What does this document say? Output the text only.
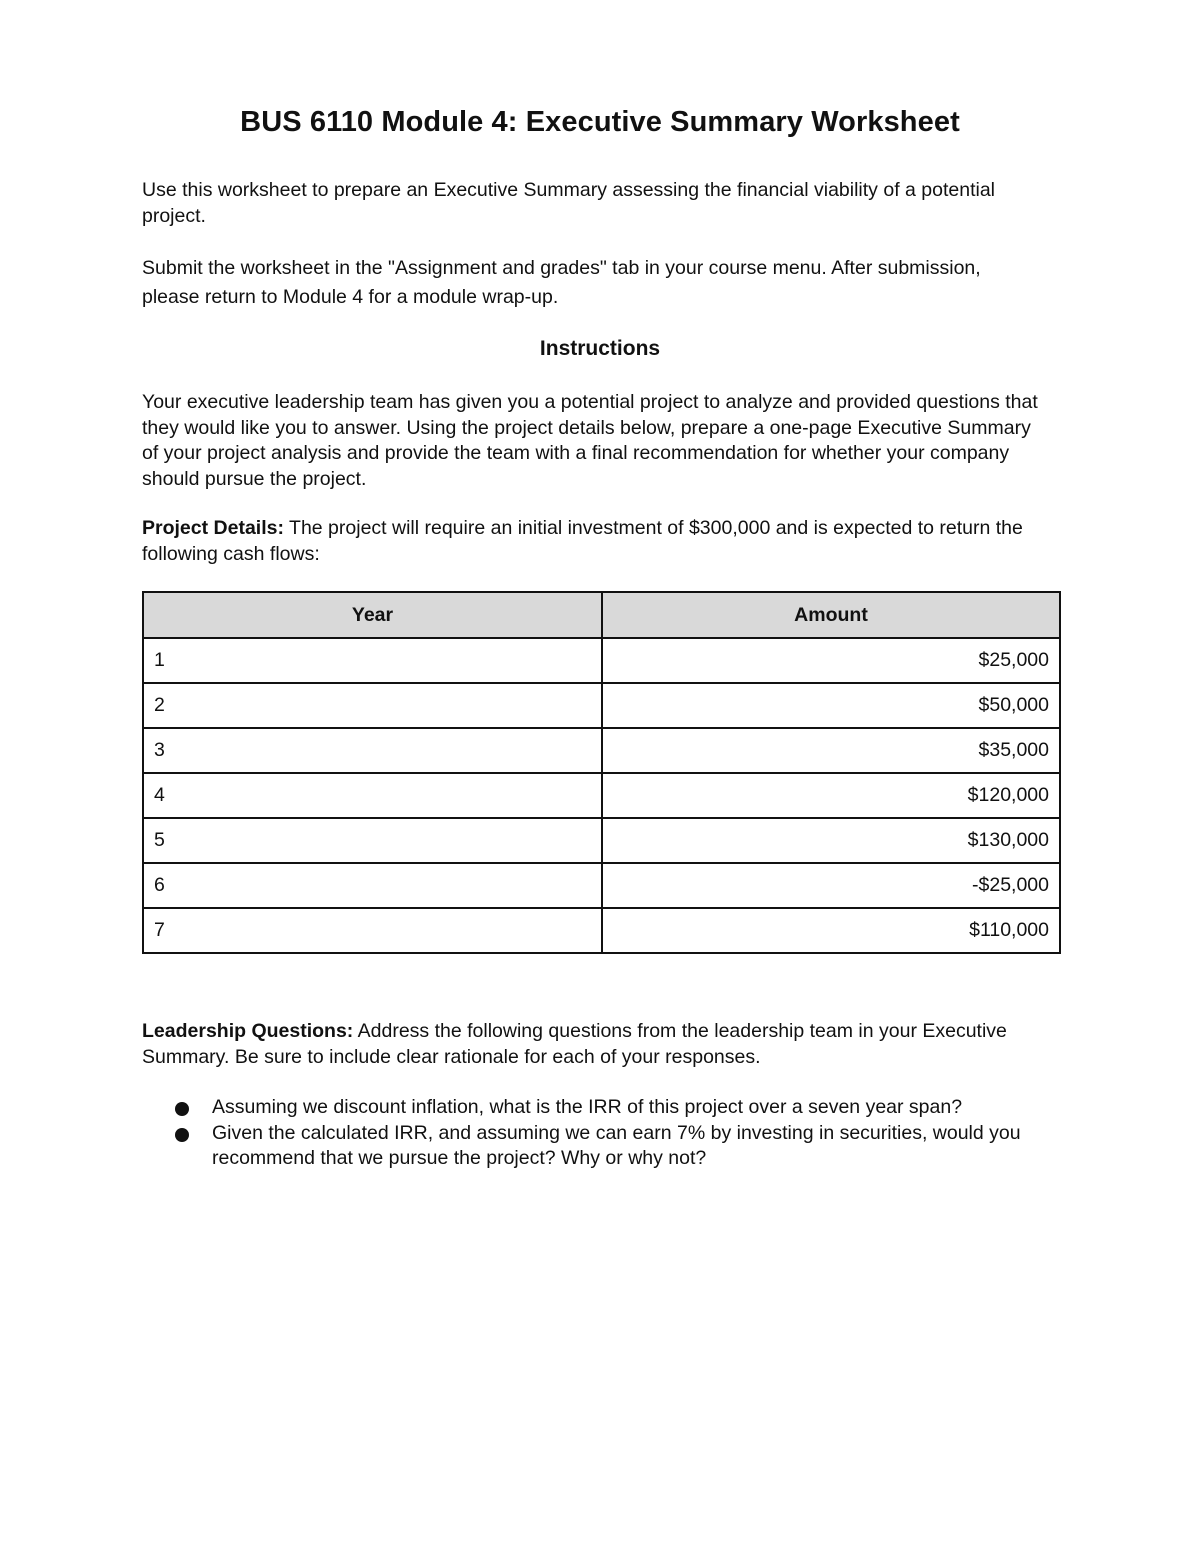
BUS 6110 Module 4: Executive Summary Worksheet

Use this worksheet to prepare an Executive Summary assessing the financial viability of a potential project.

Submit the worksheet in the "Assignment and grades" tab in your course menu. After submission, please return to Module 4 for a module wrap-up.

Instructions

Your executive leadership team has given you a potential project to analyze and provided questions that they would like you to answer. Using the project details below, prepare a one-page Executive Summary of your project analysis and provide the team with a final recommendation for whether your company should pursue the project.

Project Details: The project will require an initial investment of $300,000 and is expected to return the following cash flows:

Year	Amount
1	$25,000
2	$50,000
3	$35,000
4	$120,000
5	$130,000
6	-$25,000
7	$110,000

Leadership Questions: Address the following questions from the leadership team in your Executive Summary. Be sure to include clear rationale for each of your responses.

Assuming we discount inflation, what is the IRR of this project over a seven year span?
Given the calculated IRR, and assuming we can earn 7% by investing in securities, would you recommend that we pursue the project? Why or why not?
